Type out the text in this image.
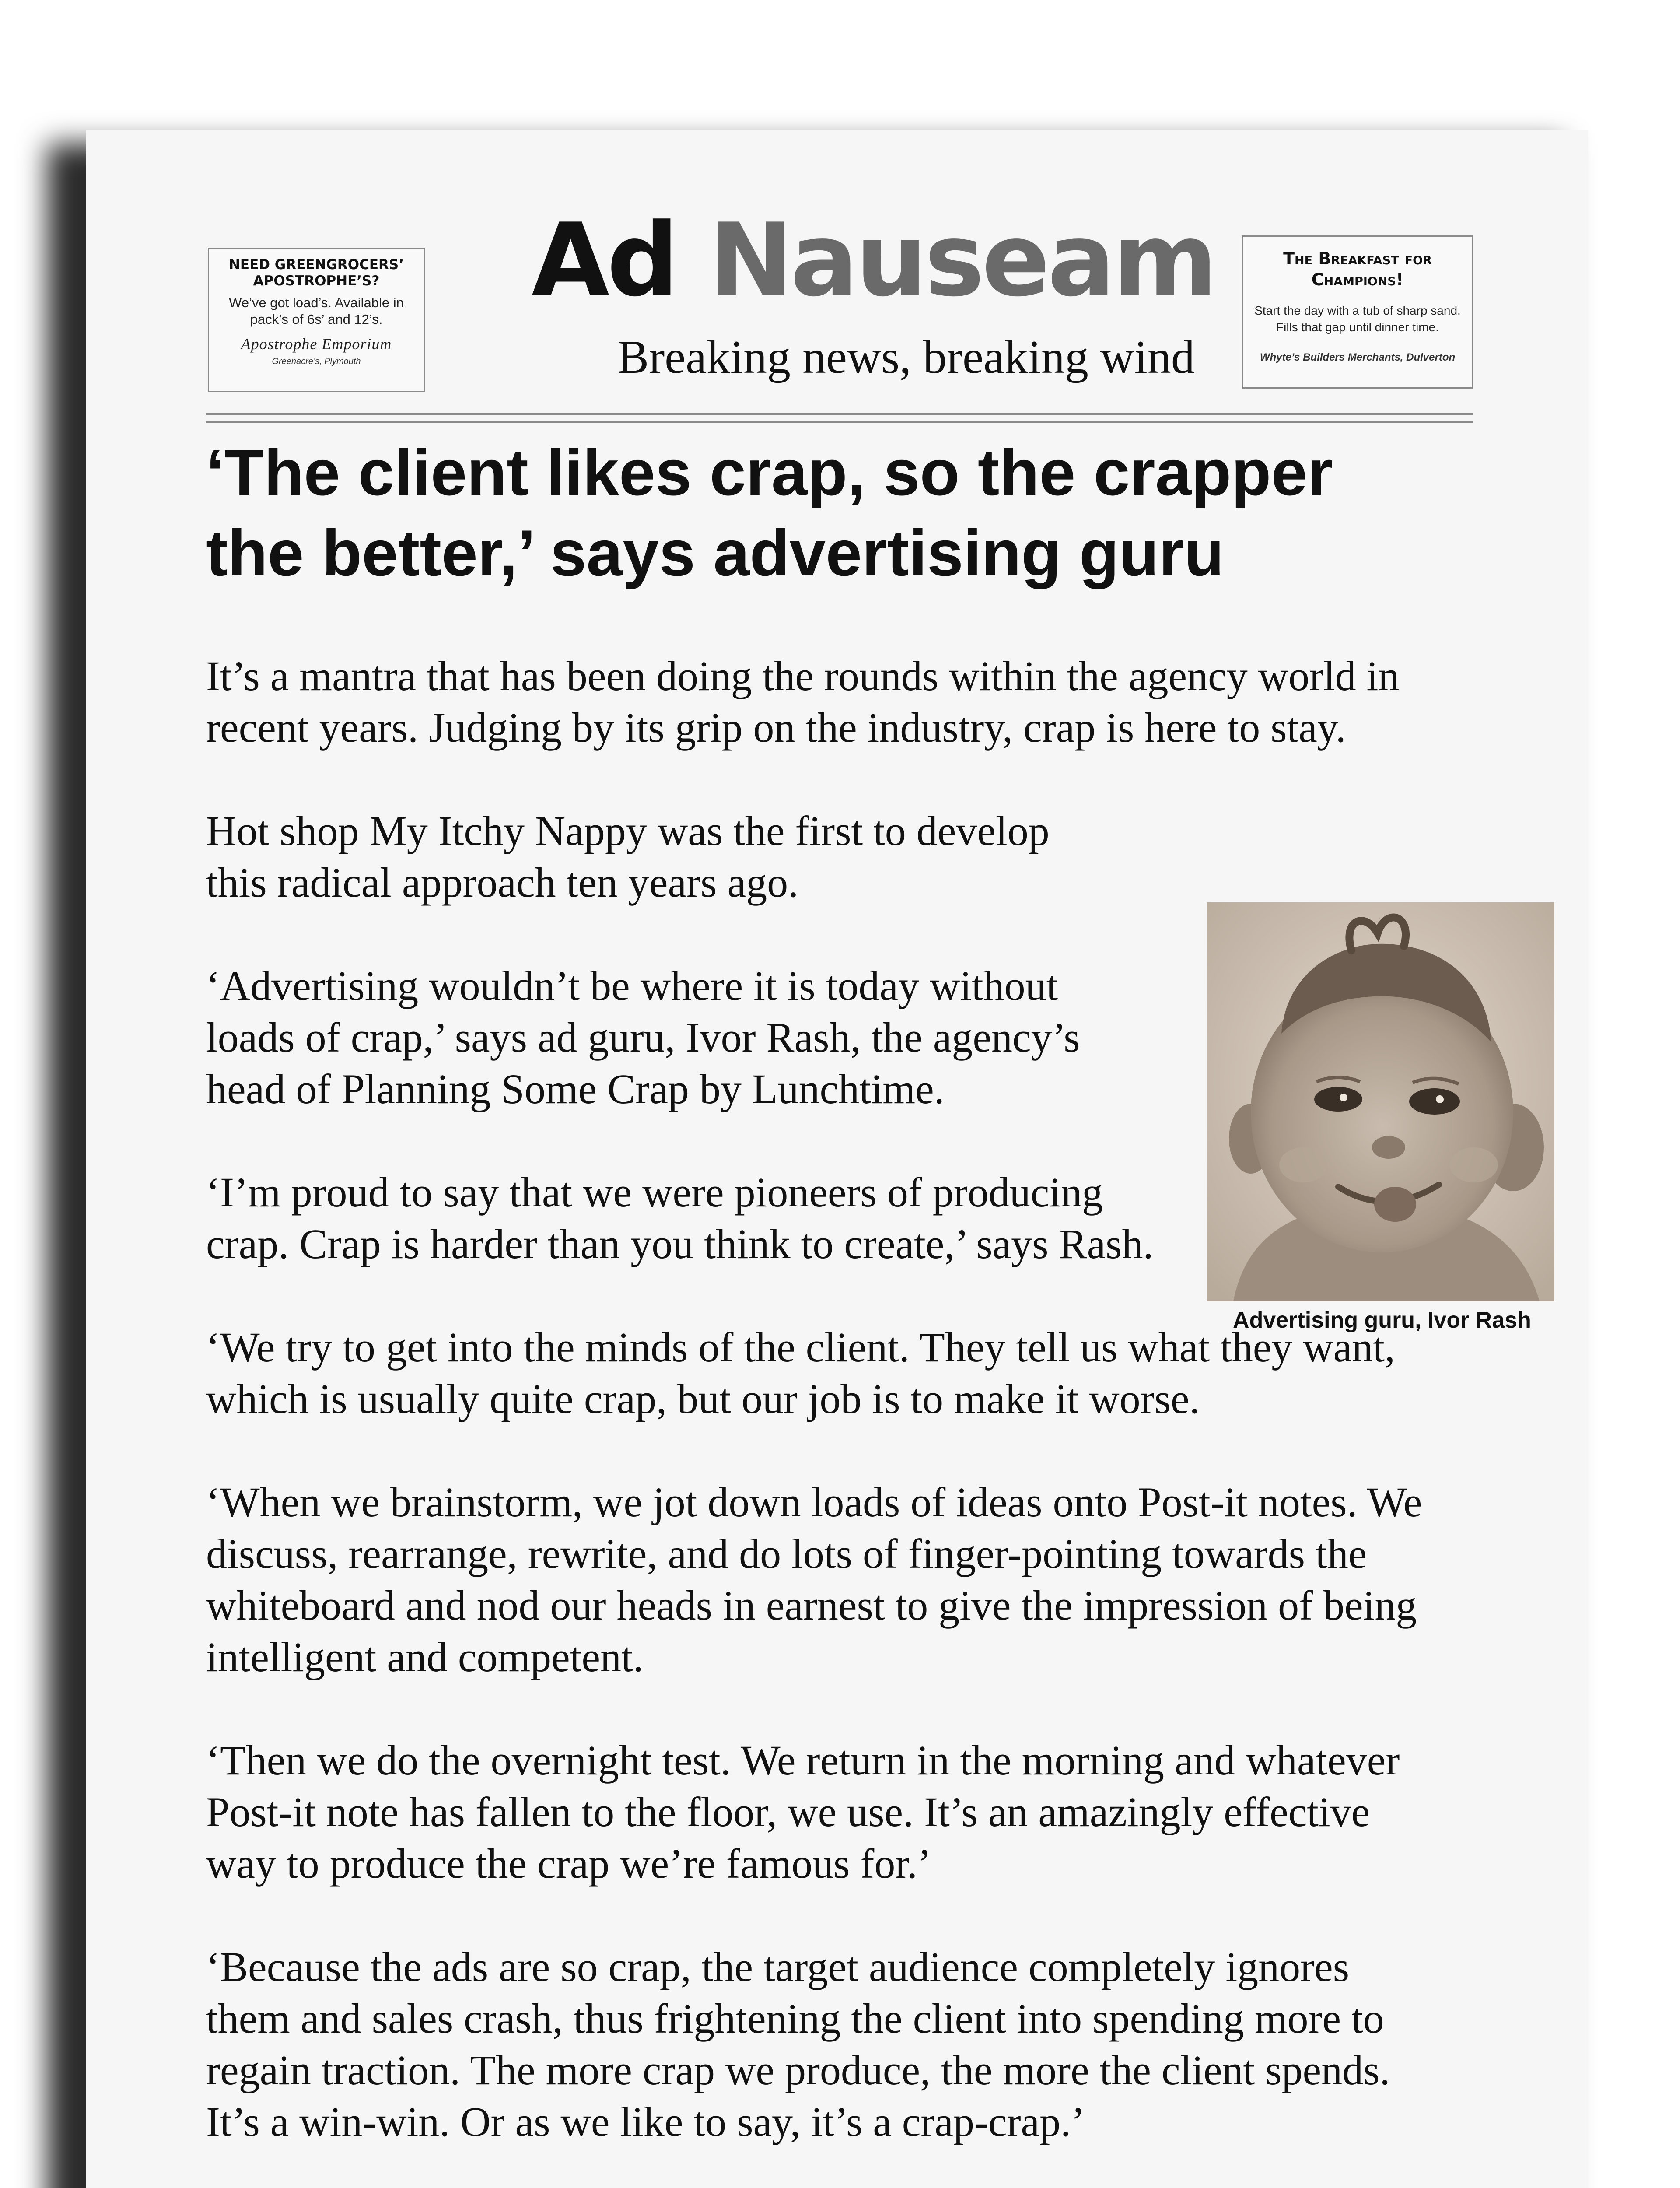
NEED GREENGROCERS’
APOSTROPHE’S?
We’ve got load’s. Available in
pack’s of 6s’ and 12’s.
Apostrophe Emporium
Greenacre’s, Plymouth
Ad Nauseam
Breaking news, breaking wind
The Breakfast for
Champions!
Start the day with a tub of sharp sand.
Fills that gap until dinner time.
Whyte’s Builders Merchants, Dulverton
‘The client likes crap, so the crapper
the better,’ says advertising guru
It’s a mantra that has been doing the rounds within the agency world in
recent years. Judging by its grip on the industry, crap is here to stay.
Hot shop My Itchy Nappy was the first to develop
this radical approach ten years ago.
‘Advertising wouldn’t be where it is today without
loads of crap,’ says ad guru, Ivor Rash, the agency’s
head of Planning Some Crap by Lunchtime.
‘I’m proud to say that we were pioneers of producing
crap. Crap is harder than you think to create,’ says Rash.
‘We try to get into the minds of the client. They tell us what they want,
which is usually quite crap, but our job is to make it worse.
‘When we brainstorm, we jot down loads of ideas onto Post-it notes. We
discuss, rearrange, rewrite, and do lots of finger-pointing towards the
whiteboard and nod our heads in earnest to give the impression of being
intelligent and competent.
‘Then we do the overnight test. We return in the morning and whatever
Post-it note has fallen to the floor, we use. It’s an amazingly effective
way to produce the crap we’re famous for.’
‘Because the ads are so crap, the target audience completely ignores
them and sales crash, thus frightening the client into spending more to
regain traction. The more crap we produce, the more the client spends.
It’s a win-win. Or as we like to say, it’s a crap-crap.’
Advertising guru, Ivor Rash
